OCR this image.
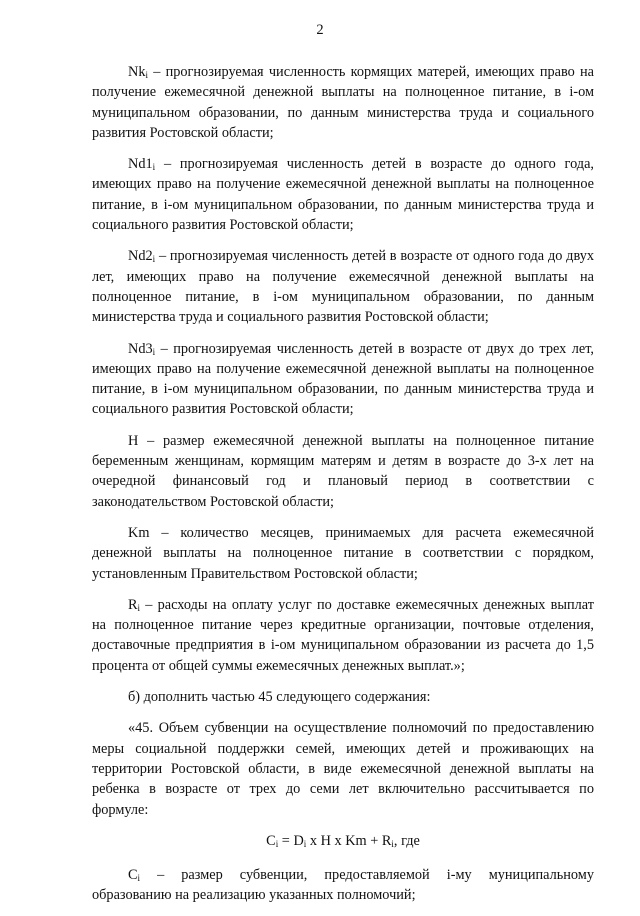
2

$Nk_i$ – прогнозируемая численность кормящих матерей, имеющих право на получение ежемесячной денежной выплаты на полноценное питание, в i-ом муниципальном образовании, по данным министерства труда и социального развития Ростовской области;

$Nd1_i$ – прогнозируемая численность детей в возрасте до одного года, имеющих право на получение ежемесячной денежной выплаты на полноценное питание, в i-ом муниципальном образовании, по данным министерства труда и социального развития Ростовской области;

$Nd2_i$ – прогнозируемая численность детей в возрасте от одного года до двух лет, имеющих право на получение ежемесячной денежной выплаты на полноценное питание, в i-ом муниципальном образовании, по данным министерства труда и социального развития Ростовской области;

$Nd3_i$ – прогнозируемая численность детей в возрасте от двух до трех лет, имеющих право на получение ежемесячной денежной выплаты на полноценное питание, в i-ом муниципальном образовании, по данным министерства труда и социального развития Ростовской области;

Н – размер ежемесячной денежной выплаты на полноценное питание беременным женщинам, кормящим матерям и детям в возрасте до 3-х лет на очередной финансовый год и плановый период в соответствии с законодательством Ростовской области;

Km – количество месяцев, принимаемых для расчета ежемесячной денежной выплаты на полноценное питание в соответствии с порядком, установленным Правительством Ростовской области;

$R_i$ – расходы на оплату услуг по доставке ежемесячных денежных выплат на полноценное питание через кредитные организации, почтовые отделения, доставочные предприятия в i-ом муниципальном образовании из расчета до 1,5 процента от общей суммы ежемесячных денежных выплат.»;

б) дополнить частью 45 следующего содержания:

«45. Объем субвенции на осуществление полномочий по предоставлению меры социальной поддержки семей, имеющих детей и проживающих на территории Ростовской области, в виде ежемесячной денежной выплаты на ребенка в возрасте от трех до семи лет включительно рассчитывается по формуле:

$C_i = D_i$ х Н х $Km + R_i$, где

$C_i$ – размер субвенции, предоставляемой i-му муниципальному образованию на реализацию указанных полномочий;
